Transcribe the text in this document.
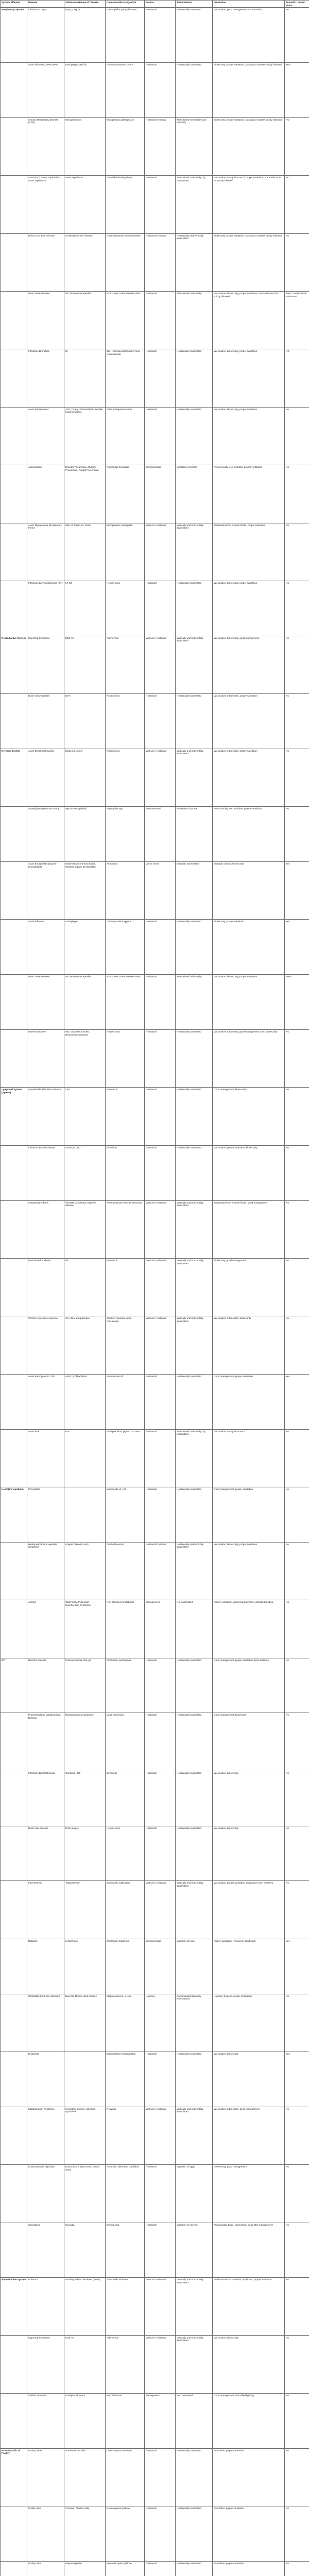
System Affected	Disease	Alternative Names of Disease	Causative Micro organism	Source	Transmission	Prevention	Zoonotic / Impact since
Respiratory System	Infectious Coryza	Roup, Coryza	Haemophilus paragallinarum	Horizontal	Horizontally transmitted	Vaccination, good management and sanitation	No
	Avian influenza (HPAI/LPAI)	Fowl plague, Bird flu	Orthomyxoviruses Type A	Horizontal	Horizontally transmitted	Biosecurity, proper sanitation, standards must be strictly followed	YES
	Chronic Respiratory Disease (CRD)	Mycoplasmosis	Mycoplasma gallisepticum	Horizontal / Vertical	Transmitted horizontally and vertically	Biosecurity, proper sanitation, standards must be strictly followed	NO
	Fowl Pox (Canker, Diphtheritic, Avian Diphtheria)	Avian Diphtheria	Poxviridae family (virus)	Horizontal	Transmitted horizontally, by mosquitoes	Vaccination, mosquito control, proper sanitation, standards must be strictly followed	NO
	Rhino Tracheitis Infection	Ornithobacterium infection	Ornithobacterium rhinotracheale	Horizontal / Vertical	Horizontally and vertically transmitted	Biosecurity, proper sanitation, standards must be strictly followed	No
	New Castle Disease	ND, Pneumoencephalitis	NDV - New castle Disease Virus	Horizontal	Transmitted horizontally	Vaccination, biosecurity, proper sanitation, standards must be strictly followed	Minor; conjunctivitis in humans
	Infectious Bronchitis	IB	IBV - Infectious Bronchitis Virus (Coronavirus)	Horizontal	Horizontally transmitted	Vaccination, biosecurity, proper sanitation	NO
	Avian Pneumovirus	APV, Turkey rhinotracheitis, swollen head syndrome	Avian metapneumovirus	Horizontal	Horizontally transmitted	Vaccination, biosecurity, proper sanitation	No
	Aspergillosis	Brooder Pneumonia, Mycotic Pneumonia, Fungal Pneumonia	Aspergillus fumigatus	Environmental	Inhalation of spores	Avoid mouldy feed and litter, proper ventilation	No
	Avian Mycoplasma (Respiratory Form)	MM, M. Strain, M. Strain	Mycoplasma meleagridis	Vertical / Horizontal	Vertically and horizontally transmitted	Eradication from breeder flocks, proper sanitation	No
	Infectious Laryngotracheitis (ILT)	LT, ILT	Herpes virus	Horizontal	Horizontally transmitted	Vaccination, biosecurity, proper sanitation	No
Reproductive System	Egg Drop Syndrome	EDS-76	Adenovirus	Vertical / Horizontal	Vertically and horizontally transmitted	Vaccination, biosecurity, good management	No
	Duck Virus Hepatitis	DVH	Picornavirus	Horizontal	Horizontally transmitted	Vaccination of breeders, proper sanitation	No
Nervous System	Avian Encephalomyelitis	Epidemic tremor	Picornavirus	Vertical / Horizontal	Vertically and horizontally transmitted	Vaccination of breeders, proper sanitation	No
	Aspergillosis (Nervous Form)	Mycotic encephalitis	Aspergillus spp.	Environmental	Inhalation of spores	Avoid mouldy feed and litter, proper ventilation	No
	Avian Encephalitis (Equine Encephalitis)	Eastern Equine Encephalitis, Western Equine Encephalitis	Alphavirus	Vector borne	Mosquito transmitted	Mosquito control, biosecurity	Yes
	Avian Influenza	Fowl plague	Orthomyxovirus Type A	Horizontal	Horizontally transmitted	Biosecurity, proper sanitation	Yes
	New Castle Disease	ND, Pneumoencephalitis	NDV - New castle Disease Virus	Horizontal	Transmitted horizontally	Vaccination, biosecurity, proper sanitation	Minor
	Marek's Disease	MD, Visceral Leucosis, Neurolymphomatosis	Herpes virus	Horizontal	Horizontally transmitted	Vaccination at hatchery, good management, strict biosecurity	No
Lymphoid System (Spleen)	Lymphoid Proliferative Disease	LPD	Retrovirus	Horizontal	Horizontally transmitted	Good management, biosecurity	No
	Infectious Bursal Disease	Gumboro, IBD	Birnavirus	Horizontal	Horizontally transmitted	Vaccination, proper sanitation, biosecurity	No
	Lymphoid Leukosis	Visceral Lymphoma, Big liver disease	Avian Leukosis Virus (Retrovirus)	Vertical / Horizontal	Vertically and horizontally transmitted	Eradication from breeder flocks, good management	No
	Reticuloendotheliosis	RE	Retrovirus	Vertical / Horizontal	Vertically and horizontally transmitted	Biosecurity, good management	No
	Chicken Infectious Anaemia	CIA, Blue wing disease	Chicken Anaemia Virus (Circovirus)	Vertical / Horizontal	Vertically and horizontally transmitted	Vaccination of breeders, biosecurity	No
	Avian Pathogenic E. Coli	APEC, Colibacillosis	Escherichia coli	Horizontal	Horizontally transmitted	Good management, proper sanitation	Yes
	Avian Pox	Pox	Fowl pox virus, pigeon pox virus	Horizontal	Transmitted horizontally, by mosquitoes	Vaccination, mosquito control	No
Heart (Pericardium)	Pericarditis		Salmonella, E. coli	Horizontal	Horizontally transmitted	Good management, proper sanitation	No
	Hydropericardium Hepatitis Syndrome	Angara Disease, HHS	Fowl Adenovirus	Horizontal / Vertical	Horizontally and vertically transmitted	Vaccination, biosecurity, proper sanitation	No
	Ascites	Water belly, Pulmonary Hypertension Syndrome	Non infectious (metabolic)	Management	Not transmitted	Proper ventilation, good management, controlled feeding	No
GIT	Necrotic Enteritis	Enterotoxaemia, Rot gut	Clostridium perfringens	Horizontal	Horizontally transmitted	Good management, proper sanitation, feed additives	No
	Proventriculitis / Malabsorption Disease	Runting stunting syndrome	Virus (unknown)	Horizontal	Horizontally transmitted	Good management, biosecurity	No
	Infectious Bursal Disease	Gumboro, IBD	Birnavirus	Horizontal	Horizontally transmitted	Vaccination, biosecurity	No
	Duck Viral Enteritis	Duck plague	Herpes virus	Horizontal	Horizontally transmitted	Vaccination, biosecurity	No
	Fowl Typhoid	Typhoid Fever	Salmonella Gallinarum	Vertical / Horizontal	Vertically and horizontally transmitted	Vaccination, proper sanitation, eradication from breeders	No
	Botulism	Limberneck	Clostridium botulinum	Environmental	Ingestion of toxin	Proper sanitation, removal of dead birds	Yes
	Omphalitis (Yolk sac infection)	Navel ill, Mushy chick disease	Staphylococcus, E. coli	Hatchery	Contaminated hatchery environment	Hatchery hygiene, proper incubation	No
	Erysipelas		Erysipelothrix rhusiopathiae	Horizontal	Horizontally transmitted	Vaccination, biosecurity	Yes
	Malabsorption Syndrome	Helicopter disease, pale bird syndrome	Reovirus	Vertical / Horizontal	Vertically and horizontally transmitted	Vaccination of breeders, good management	No
	Endo parasites of poultry	Round worm, tape worm, caecal worm	Ascaridia, Heterakis, Capillaria	Horizontal	Ingestion of eggs	Deworming, good management	No
	Coccidiosis	Coccidia	Eimeria spp.	Horizontal	Ingestion of oocysts	Anticoccidial drugs, vaccination, good litter management	No
Reproductive System	Pullorum	Bacillary White Diarrhoea (BWD)	Salmonella Pullorum	Vertical / Horizontal	Vertically and horizontally transmitted	Eradication from breeders, antibiotics, proper sanitation	No
	Egg Drop Syndrome	EDS-76	Adenovirus	Vertical / Horizontal	Vertically and horizontally transmitted	Vaccination, biosecurity	No
	Oviduct Prolapse	Prolapse, blow-out	Non infectious	Management	Not transmitted	Good management, controlled lighting	No
Ecto-Parasitic of Poultry	Poultry mites	Northern Fowl Mite	Ornithonyssus sylviarum	Horizontal	Horizontally transmitted	Acaricides, proper sanitation	No
	Poultry mite	Common Chicken Mite	Dermanyssus gallinae	Horizontal	Horizontally transmitted	Acaricides, proper sanitation	No
	Poultry mite	Depluming Mite	Knemidocoptes gallinae	Horizontal	Horizontally transmitted	Acaricides, proper sanitation	No
